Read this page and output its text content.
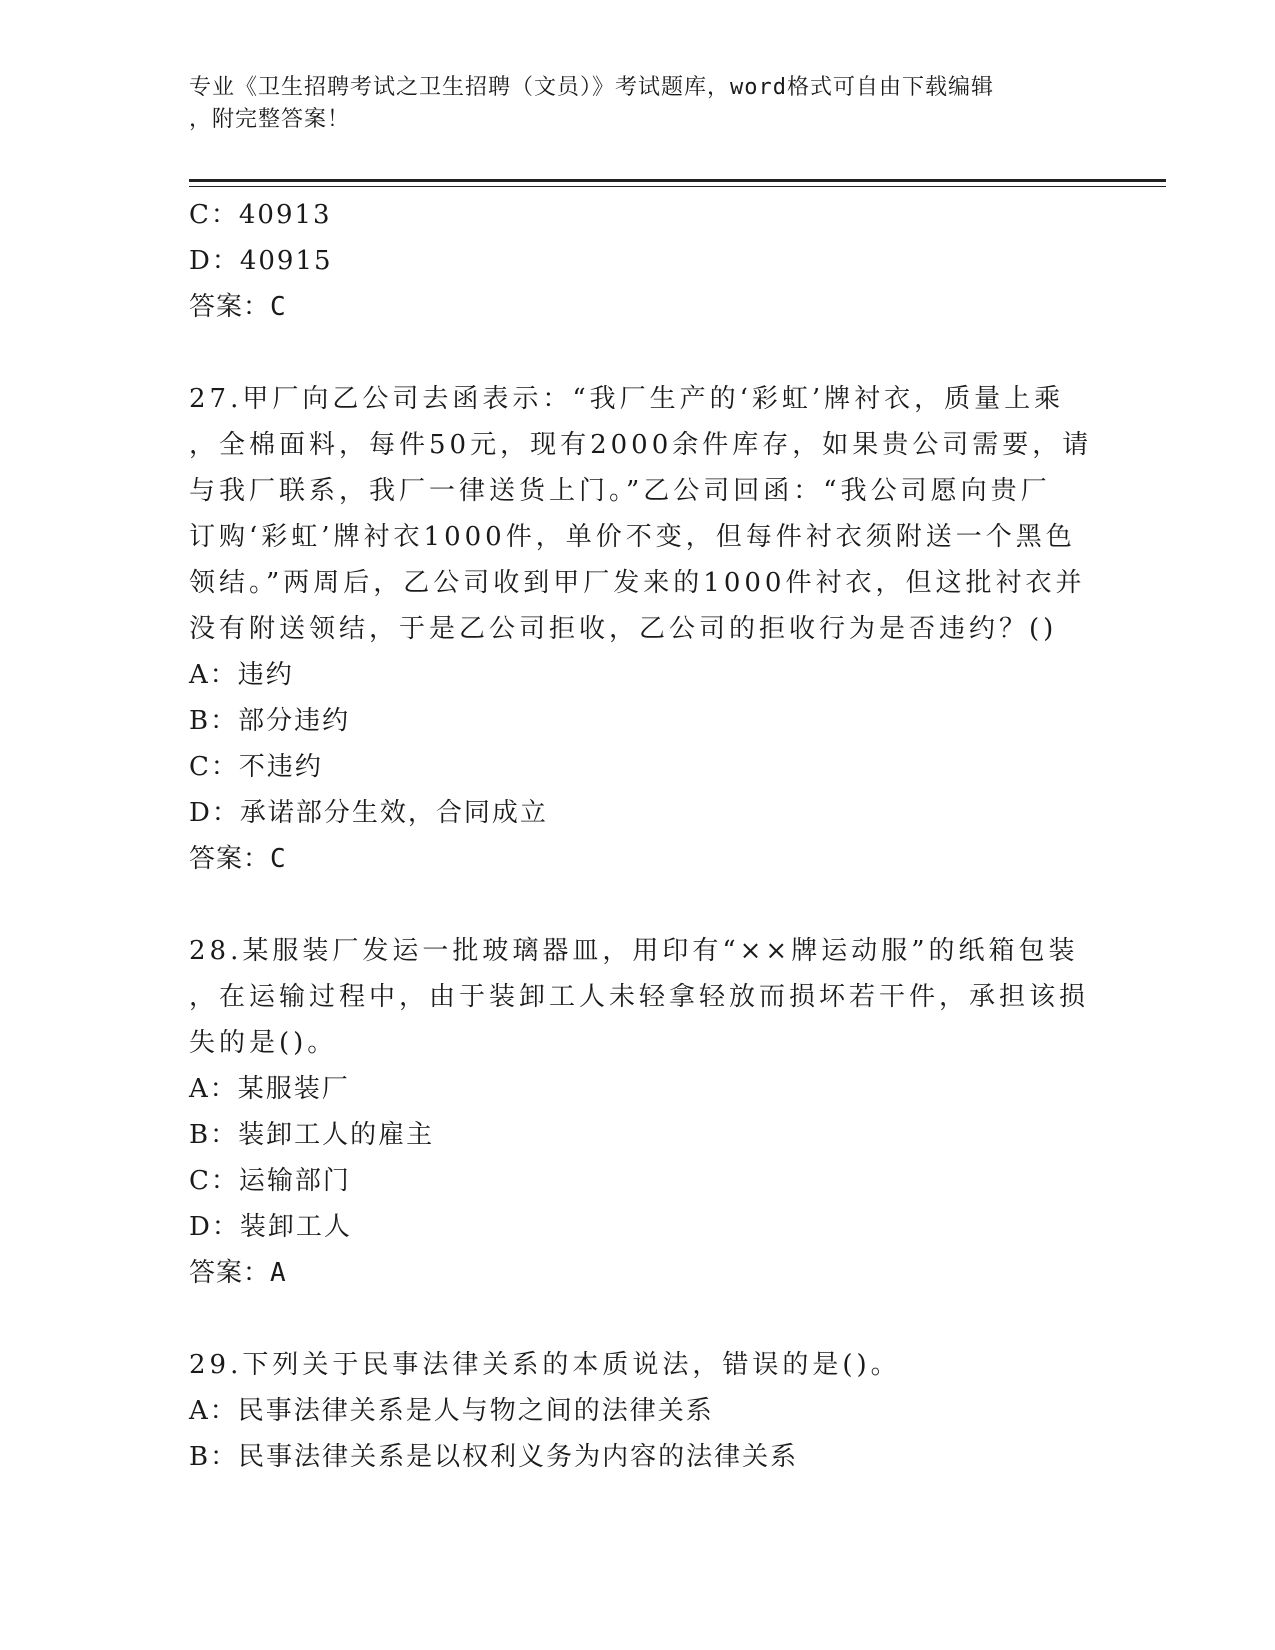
专业《卫生招聘考试之卫生招聘（文员）》考试题库，word格式可自由下载编辑
，附完整答案！
C：40913
D：40915
答案：C
27.甲厂向乙公司去函表示：“我厂生产的‘彩虹’牌衬衣，质量上乘
，全棉面料，每件50元，现有2000余件库存，如果贵公司需要，请
与我厂联系，我厂一律送货上门。”乙公司回函：“我公司愿向贵厂
订购‘彩虹’牌衬衣1000件，单价不变，但每件衬衣须附送一个黑色
领结。”两周后，乙公司收到甲厂发来的1000件衬衣，但这批衬衣并
没有附送领结，于是乙公司拒收，乙公司的拒收行为是否违约？()
A：违约
B：部分违约
C：不违约
D：承诺部分生效，合同成立
答案：C
28.某服装厂发运一批玻璃器皿，用印有“××牌运动服”的纸箱包装
，在运输过程中，由于装卸工人未轻拿轻放而损坏若干件，承担该损
失的是()。
A：某服装厂
B：装卸工人的雇主
C：运输部门
D：装卸工人
答案：A
29.下列关于民事法律关系的本质说法，错误的是()。
A：民事法律关系是人与物之间的法律关系
B：民事法律关系是以权利义务为内容的法律关系
